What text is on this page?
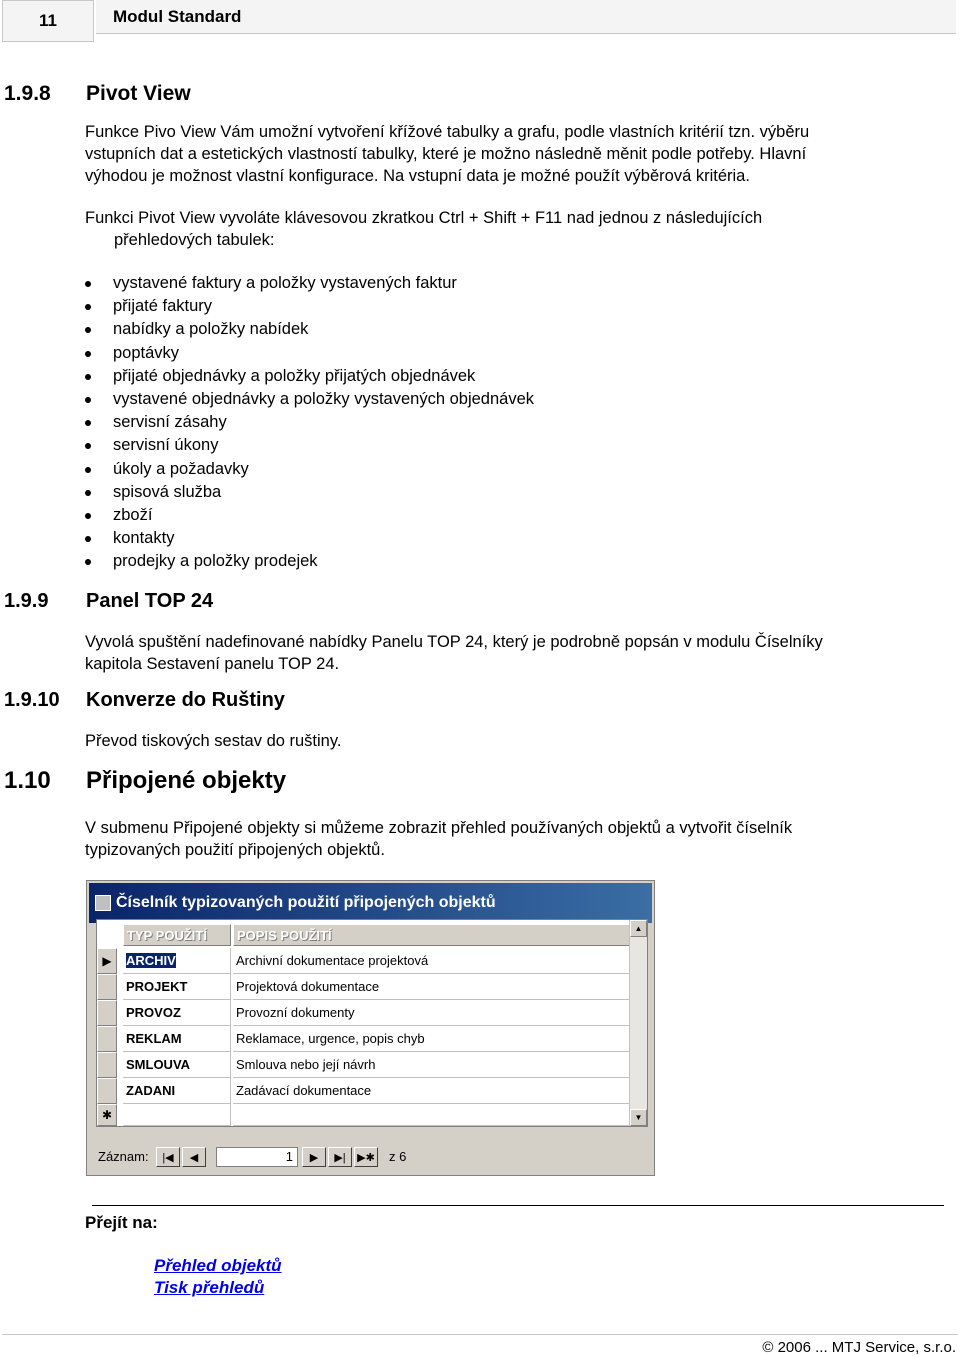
11	Modul Standard
1.9.8 Pivot View

Funkce Pivo View Vám umožní vytvoření křížové tabulky a grafu, podle vlastních kritérií tzn. výběru
vstupních dat a estetických vlastností tabulky, které je možno následně měnit podle potřeby. Hlavní
výhodou je možnost vlastní konfigurace. Na vstupní data je možné použít výběrová kritéria.

Funkci Pivot View vyvoláte klávesovou zkratkou Ctrl + Shift + F11 nad jednou z následujících
přehledových tabulek:

vystavené faktury a položky vystavených faktur
přijaté faktury
nabídky a položky nabídek
poptávky
přijaté objednávky a položky přijatých objednávek
vystavené objednávky a položky vystavených objednávek
servisní zásahy
servisní úkony
úkoly a požadavky
spisová služba
zboží
kontakty
prodejky a položky prodejek
1.9.9 Panel TOP 24

Vyvolá spuštění nadefinované nabídky Panelu TOP 24, který je podrobně popsán v modulu Číselníky
kapitola Sestavení panelu TOP 24.

1.9.10 Konverze do Ruštiny

Převod tiskových sestav do ruštiny.

1.10 Připojené objekty

V submenu Připojené objekty si můžeme zobrazit přehled používaných objektů a vytvořit číselník
typizovaných použití připojených objektů.

Číselník typizovaných použití připojených objektů
TYP POUŽITÍ	POPIS POUŽITÍ
▶	ARCHIV	Archivní dokumentace projektová
PROJEKT	Projektová dokumentace
PROVOZ	Provozní dokumenty
REKLAM	Reklamace, urgence, popis chyb
SMLOUVA	Smlouva nebo její návrh
ZADANI	Zadávací dokumentace
✱
▲
▼
Záznam:	|◀	◀	1	▶	▶|	▶✱ z 6
Přejít na:
Přehled objektů
Tisk přehledů
© 2006 ... MTJ Service, s.r.o.
